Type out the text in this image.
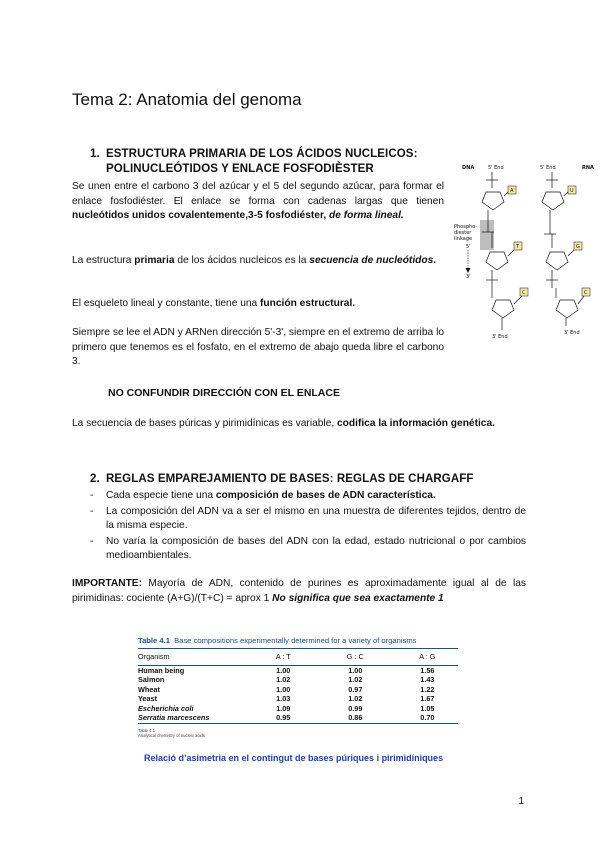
Tema 2: Anatomia del genoma
1. ESTRUCTURA PRIMARIA DE LOS ÁCIDOS NUCLEICOS:
POLINUCLEÓTIDOS Y ENLACE FOSFODIÈSTER
Se unen entre el carbono 3 del azúcar y el 5 del segundo azúcar, para formar el enlace fosfodiéster. El enlace se forma con cadenas largas que tienen nucleótidos unidos covalentemente,3-5 fosfodiéster, de forma lineal.
La estructura primaria de los ácidos nucleicos es la secuencia de nucleótidos.
El esqueleto lineal y constante, tiene una función estructural.
Siempre se lee el ADN y ARNen dirección 5'-3', siempre en el extremo de arriba lo primero que tenemos es el fosfato, en el extremo de abajo queda libre el carbono 3.
NO CONFUNDIR DIRECCIÓN CON EL ENLACE
La secuencia de bases púricas y pirimidínicas es variable, codifica la información genética.
DNA	RNA
5' End	5' End
3' End
3' End
Phospho-
diester
linkage
5'
3'
A
T
C
U
G
C
2. REGLAS EMPAREJAMIENTO DE BASES: REGLAS DE CHARGAFF
- Cada especie tiene una composición de bases de ADN característica.
- La composición del ADN va a ser el mismo en una muestra de diferentes tejidos, dentro de la misma especie.
- No varía la composición de bases del ADN con la edad, estado nutricional o por cambios medioambientales.
IMPORTANTE: Mayoría de ADN, contenido de purines es aproximadamente igual al de las pirimidinas: cociente (A+G)/(T+C) = aprox 1 No significa que sea exactamente 1
Table 4.1 Base compositions experimentally determined for a variety of organisms
Organism	A : T	G : C	A : G
Human being	1.00	1.00	1.56
Salmon	1.02	1.02	1.43
Wheat	1.00	0.97	1.22
Yeast	1.03	1.02	1.67
Escherichia coli	1.09	0.99	1.05
Serratia marcescens	0.95	0.86	0.70
Table 4.1
Analytical chemistry of nucleic acids
Relació d’asimetria en el contingut de bases púriques i pirimidíniques
1
